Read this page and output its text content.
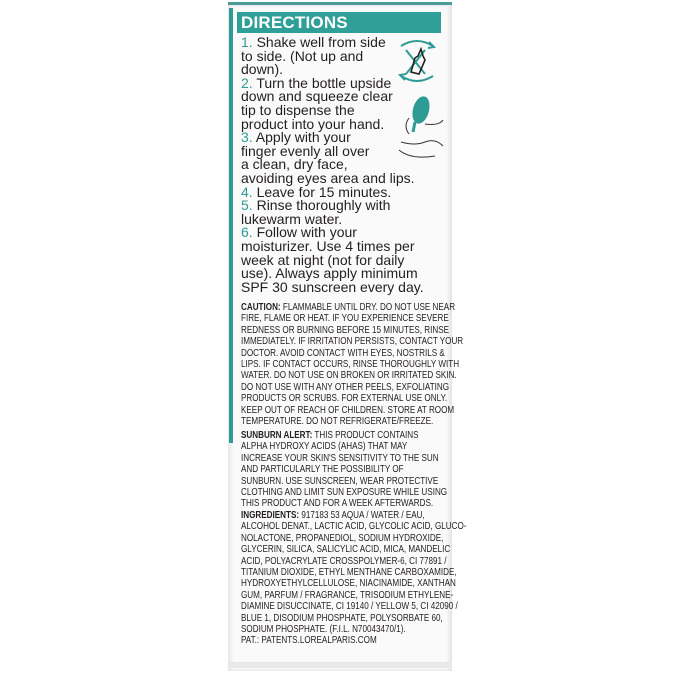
DIRECTIONS
1. Shake well from side
to side. (Not up and
down).
2. Turn the bottle upside
down and squeeze clear
tip to dispense the
product into your hand.
3. Apply with your
finger evenly all over
a clean, dry face,
avoiding eyes area and lips.
4. Leave for 15 minutes.
5. Rinse thoroughly with
lukewarm water.
6. Follow with your
moisturizer. Use 4 times per
week at night (not for daily
use). Always apply minimum
SPF 30 sunscreen every day.
CAUTION: FLAMMABLE UNTIL DRY. DO NOT USE NEAR
FIRE, FLAME OR HEAT. IF YOU EXPERIENCE SEVERE
REDNESS OR BURNING BEFORE 15 MINUTES, RINSE
IMMEDIATELY. IF IRRITATION PERSISTS, CONTACT YOUR
DOCTOR. AVOID CONTACT WITH EYES, NOSTRILS &
LIPS. IF CONTACT OCCURS, RINSE THOROUGHLY WITH
WATER. DO NOT USE ON BROKEN OR IRRITATED SKIN.
DO NOT USE WITH ANY OTHER PEELS, EXFOLIATING
PRODUCTS OR SCRUBS. FOR EXTERNAL USE ONLY.
KEEP OUT OF REACH OF CHILDREN. STORE AT ROOM
TEMPERATURE. DO NOT REFRIGERATE/FREEZE.
SUNBURN ALERT: THIS PRODUCT CONTAINS
ALPHA HYDROXY ACIDS (AHAS) THAT MAY
INCREASE YOUR SKIN'S SENSITIVITY TO THE SUN
AND PARTICULARLY THE POSSIBILITY OF
SUNBURN. USE SUNSCREEN, WEAR PROTECTIVE
CLOTHING AND LIMIT SUN EXPOSURE WHILE USING
THIS PRODUCT AND FOR A WEEK AFTERWARDS.
INGREDIENTS: 917183 53 AQUA / WATER / EAU,
ALCOHOL DENAT., LACTIC ACID, GLYCOLIC ACID, GLUCO-
NOLACTONE, PROPANEDIOL, SODIUM HYDROXIDE,
GLYCERIN, SILICA, SALICYLIC ACID, MICA, MANDELIC
ACID, POLYACRYLATE CROSSPOLYMER-6, CI 77891 /
TITANIUM DIOXIDE, ETHYL MENTHANE CARBOXAMIDE,
HYDROXYETHYLCELLULOSE, NIACINAMIDE, XANTHAN
GUM, PARFUM / FRAGRANCE, TRISODIUM ETHYLENE-
DIAMINE DISUCCINATE, CI 19140 / YELLOW 5, CI 42090 /
BLUE 1, DISODIUM PHOSPHATE, POLYSORBATE 60,
SODIUM PHOSPHATE. (F.I.L. N70043470/1).
PAT.: PATENTS.LOREALPARIS.COM
